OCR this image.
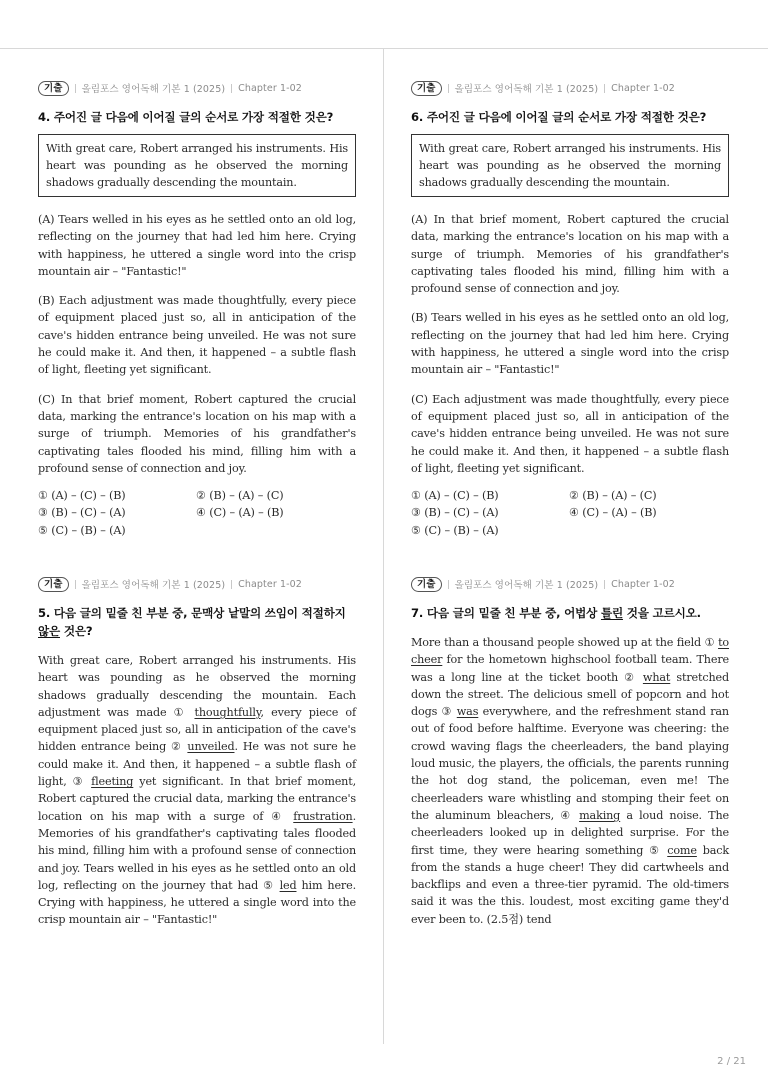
기출	올림포스 영어독해 기본 1 (2025) Chapter 1-02
4. 주어진 글 다음에 이어질 글의 순서로 가장 적절한 것은?
With great care, Robert arranged his instruments. His heart was pounding as he observed the morning shadows gradually descending the mountain.

(A) Tears welled in his eyes as he settled onto an old log, reflecting on the journey that had led him here. Crying with happiness, he uttered a single word into the crisp mountain air – "Fantastic!"

(B) Each adjustment was made thoughtfully, every piece of equipment placed just so, all in anticipation of the cave's hidden entrance being unveiled. He was not sure he could make it. And then, it happened – a subtle flash of light, fleeting yet significant.

(C) In that brief moment, Robert captured the crucial data, marking the entrance's location on his map with a surge of triumph. Memories of his grandfather's captivating tales flooded his mind, filling him with a profound sense of connection and joy.

① (A) – (C) – (B)	② (B) – (A) – (C)
③ (B) – (C) – (A)	④ (C) – (A) – (B)
⑤ (C) – (B) – (A)
기출	올림포스 영어독해 기본 1 (2025) Chapter 1-02
5. 다음 글의 밑줄 친 부분 중, 문맥상 낱말의 쓰임이 적절하지 않은 것은?

With great care, Robert arranged his instruments. His heart was pounding as he observed the morning shadows gradually descending the mountain. Each adjustment was made ① thoughtfully, every piece of equipment placed just so, all in anticipation of the cave's hidden entrance being ② unveiled. He was not sure he could make it. And then, it happened – a subtle flash of light, ③ fleeting yet significant. In that brief moment, Robert captured the crucial data, marking the entrance's location on his map with a surge of ④ frustration. Memories of his grandfather's captivating tales flooded his mind, filling him with a profound sense of connection and joy. Tears welled in his eyes as he settled onto an old log, reflecting on the journey that had ⑤ led him here. Crying with happiness, he uttered a single word into the crisp mountain air – "Fantastic!"

기출	올림포스 영어독해 기본 1 (2025) Chapter 1-02
6. 주어진 글 다음에 이어질 글의 순서로 가장 적절한 것은?
With great care, Robert arranged his instruments. His heart was pounding as he observed the morning shadows gradually descending the mountain.

(A) In that brief moment, Robert captured the crucial data, marking the entrance's location on his map with a surge of triumph. Memories of his grandfather's captivating tales flooded his mind, filling him with a profound sense of connection and joy.

(B) Tears welled in his eyes as he settled onto an old log, reflecting on the journey that had led him here. Crying with happiness, he uttered a single word into the crisp mountain air – "Fantastic!"

(C) Each adjustment was made thoughtfully, every piece of equipment placed just so, all in anticipation of the cave's hidden entrance being unveiled. He was not sure he could make it. And then, it happened – a subtle flash of light, fleeting yet significant.

① (A) – (C) – (B)	② (B) – (A) – (C)
③ (B) – (C) – (A)	④ (C) – (A) – (B)
⑤ (C) – (B) – (A)
기출	올림포스 영어독해 기본 1 (2025) Chapter 1-02
7. 다음 글의 밑줄 친 부분 중, 어법상 틀린 것을 고르시오.

More than a thousand people showed up at the field ① to cheer for the hometown highschool football team. There was a long line at the ticket booth ② what stretched down the street. The delicious smell of popcorn and hot dogs ③ was everywhere, and the refreshment stand ran out of food before halftime. Everyone was cheering: the crowd waving flags the cheerleaders, the band playing loud music, the players, the officials, the parents running the hot dog stand, the policeman, even me! The cheerleaders ware whistling and stomping their feet on the aluminum bleachers, ④ making a loud noise. The cheerleaders looked up in delighted surprise. For the first time, they were hearing something ⑤ come back from the stands a huge cheer! They did cartwheels and backflips and even a three-tier pyramid. The old-timers said it was the this. loudest, most exciting game they'd ever been to. (2.5점) tend

2 / 21
